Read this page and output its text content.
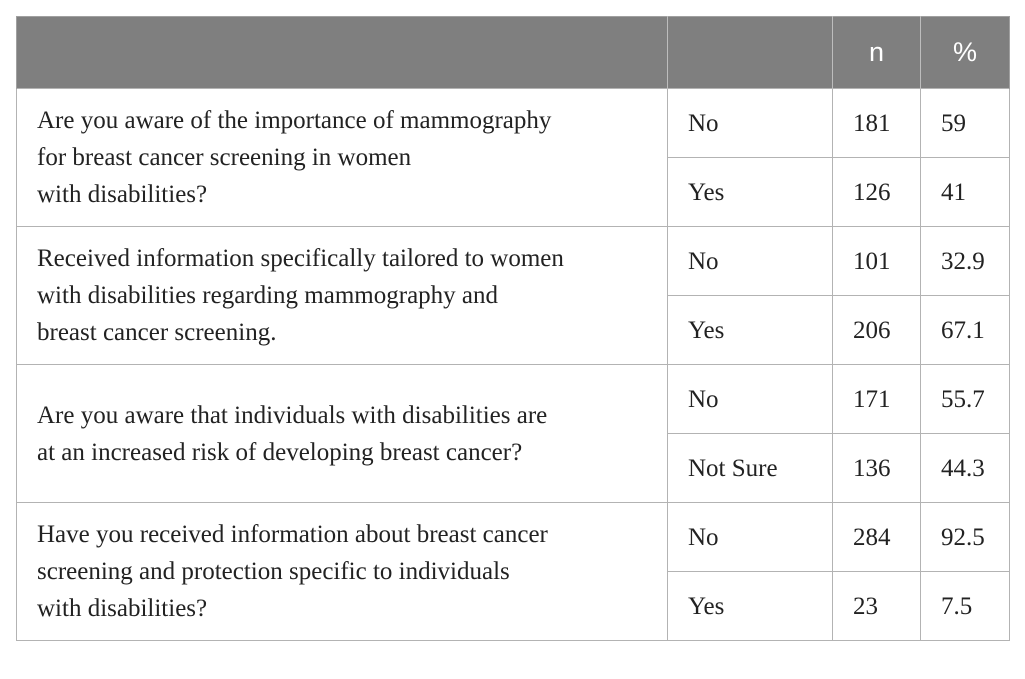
		n	%
Are you aware of the importance of mammography
for breast cancer screening in women
with disabilities?	No	181	59
	Yes	126	41
Received information specifically tailored to women
with disabilities regarding mammography and
breast cancer screening.	No	101	32.9
	Yes	206	67.1
Are you aware that individuals with disabilities are
at an increased risk of developing breast cancer?	No	171	55.7
	Not Sure	136	44.3
Have you received information about breast cancer
screening and protection specific to individuals
with disabilities?	No	284	92.5
	Yes	23	7.5
